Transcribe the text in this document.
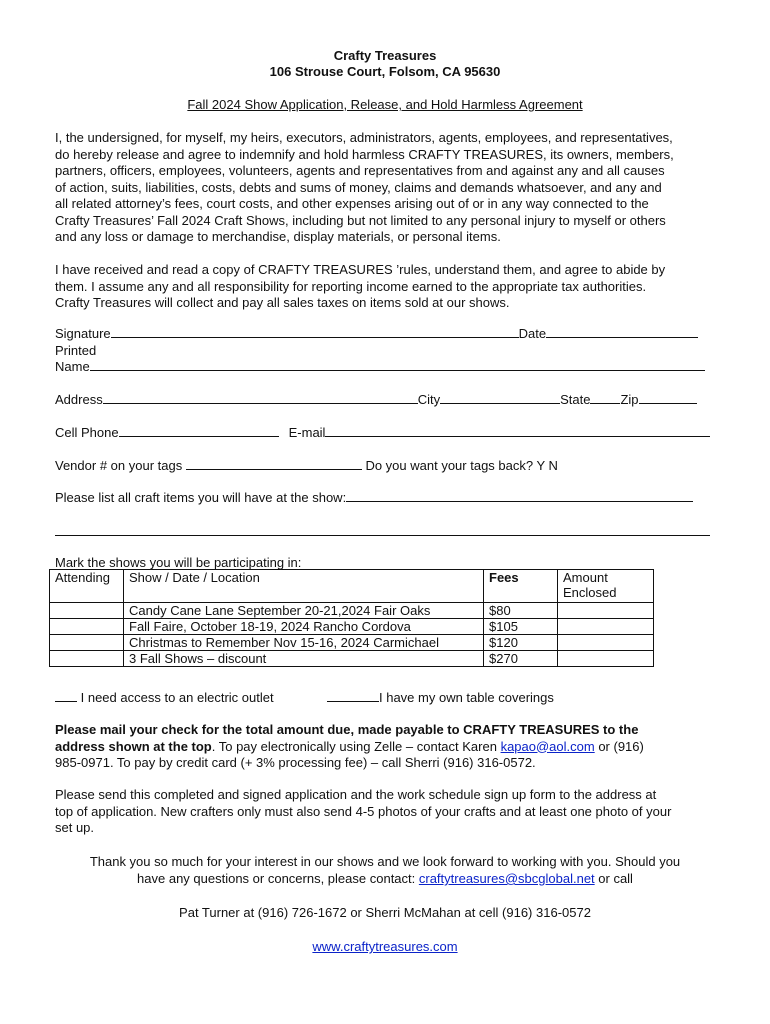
Crafty Treasures
106 Strouse Court, Folsom, CA 95630
Fall 2024 Show Application, Release, and Hold Harmless Agreement
I, the undersigned, for myself, my heirs, executors, administrators, agents, employees, and representatives,
do hereby release and agree to indemnify and hold harmless CRAFTY TREASURES, its owners, members,
partners, officers, employees, volunteers, agents and representatives from and against any and all causes
of action, suits, liabilities, costs, debts and sums of money, claims and demands whatsoever, and any and
all related attorney’s fees, court costs, and other expenses arising out of or in any way connected to the
Crafty Treasures’ Fall 2024 Craft Shows, including but not limited to any personal injury to myself or others
and any loss or damage to merchandise, display materials, or personal items.
I have received and read a copy of CRAFTY TREASURES ’rules, understand them, and agree to abide by
them. I assume any and all responsibility for reporting income earned to the appropriate tax authorities.
Crafty Treasures will collect and pay all sales taxes on items sold at our shows.
Signature	Date
Printed
Name
Address	City	State Zip
Cell Phone	E-mail
Vendor # on your tags	Do you want your tags back? Y N
Please list all craft items you will have at the show:
Mark the shows you will be participating in:
Attending	Show / Date / Location	Fees	Amount
Enclosed

	Candy Cane Lane September 20-21,2024 Fair Oaks	$80	
	Fall Faire, October 18-19, 2024 Rancho Cordova	$105	
	Christmas to Remember Nov 15-16, 2024 Carmichael	$120	
	3 Fall Shows – discount	$270	
I need access to an electric outlet	I have my own table coverings
Please mail your check for the total amount due, made payable to CRAFTY TREASURES to the
address shown at the top. To pay electronically using Zelle – contact Karen kapao@aol.com or (916)
985-0971. To pay by credit card (+ 3% processing fee) – call Sherri (916) 316-0572.
Please send this completed and signed application and the work schedule sign up form to the address at
top of application. New crafters only must also send 4-5 photos of your crafts and at least one photo of your
set up.
Thank you so much for your interest in our shows and we look forward to working with you. Should you
have any questions or concerns, please contact: craftytreasures@sbcglobal.net or call
Pat Turner at (916) 726-1672 or Sherri McMahan at cell (916) 316-0572
www.craftytreasures.com
